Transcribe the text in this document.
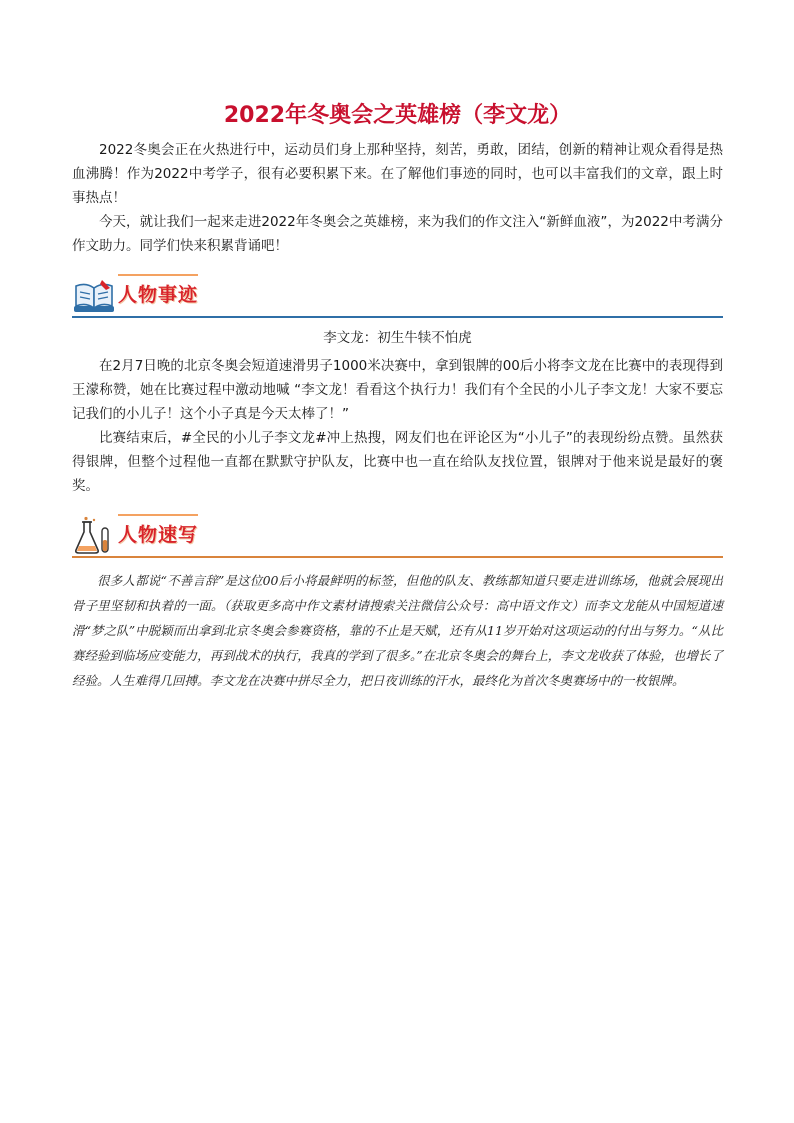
2022年冬奥会之英雄榜（李文龙）

2022冬奥会正在火热进行中，运动员们身上那种坚持，刻苦，勇敢，团结，创新的精神让观众看得是热血沸腾！作为2022中考学子，很有必要积累下来。在了解他们事迹的同时，也可以丰富我们的文章，跟上时事热点！

今天，就让我们一起来走进2022年冬奥会之英雄榜，来为我们的作文注入“新鲜血液”，为2022中考满分作文助力。同学们快来积累背诵吧！

人物事迹
李文龙：初生牛犊不怕虎

在2月7日晚的北京冬奥会短道速滑男子1000米决赛中，拿到银牌的00后小将李文龙在比赛中的表现得到王濛称赞，她在比赛过程中激动地喊 “李文龙！看看这个执行力！我们有个全民的小儿子李文龙！大家不要忘记我们的小儿子！这个小子真是今天太棒了！”

比赛结束后，#全民的小儿子李文龙#冲上热搜，网友们也在评论区为“小儿子”的表现纷纷点赞。虽然获得银牌，但整个过程他一直都在默默守护队友，比赛中也一直在给队友找位置，银牌对于他来说是最好的褒奖。

人物速写

很多人都说“不善言辞”是这位00后小将最鲜明的标签，但他的队友、教练都知道只要走进训练场，他就会展现出骨子里坚韧和执着的一面。（获取更多高中作文素材请搜索关注微信公众号：高中语文作文）而李文龙能从中国短道速滑“梦之队”中脱颖而出拿到北京冬奥会参赛资格，靠的不止是天赋，还有从11岁开始对这项运动的付出与努力。“从比赛经验到临场应变能力，再到战术的执行，我真的学到了很多。”在北京冬奥会的舞台上，李文龙收获了体验，也增长了经验。人生难得几回搏。李文龙在决赛中拼尽全力，把日夜训练的汗水，最终化为首次冬奥赛场中的一枚银牌。
